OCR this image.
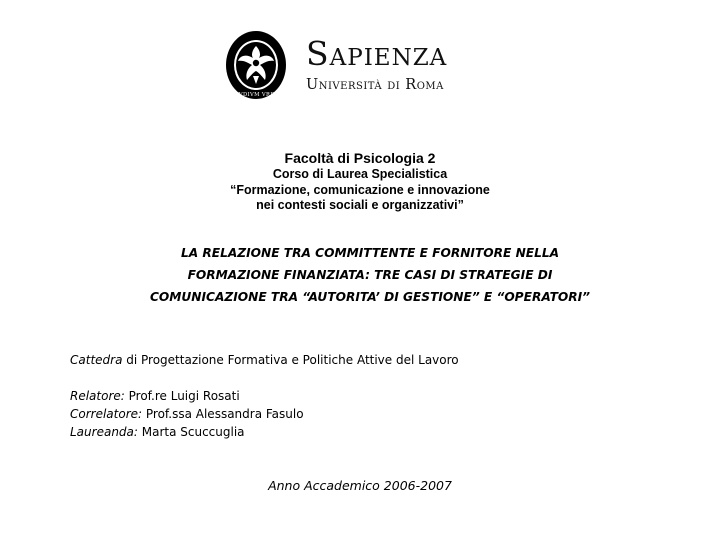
STVDIVM VRBIS
Sapienza
Università di Roma
Facoltà di Psicologia 2
Corso di Laurea Specialistica
“Formazione, comunicazione e innovazione
nei contesti sociali e organizzativi”
LA RELAZIONE TRA COMMITTENTE E FORNITORE NELLA
FORMAZIONE FINANZIATA: TRE CASI DI STRATEGIE DI
COMUNICAZIONE TRA “AUTORITA’ DI GESTIONE” E “OPERATORI”
Cattedra di Progettazione Formativa e Politiche Attive del Lavoro
Relatore: Prof.re Luigi Rosati
Correlatore: Prof.ssa Alessandra Fasulo
Laureanda: Marta Scuccuglia
Anno Accademico 2006-2007
